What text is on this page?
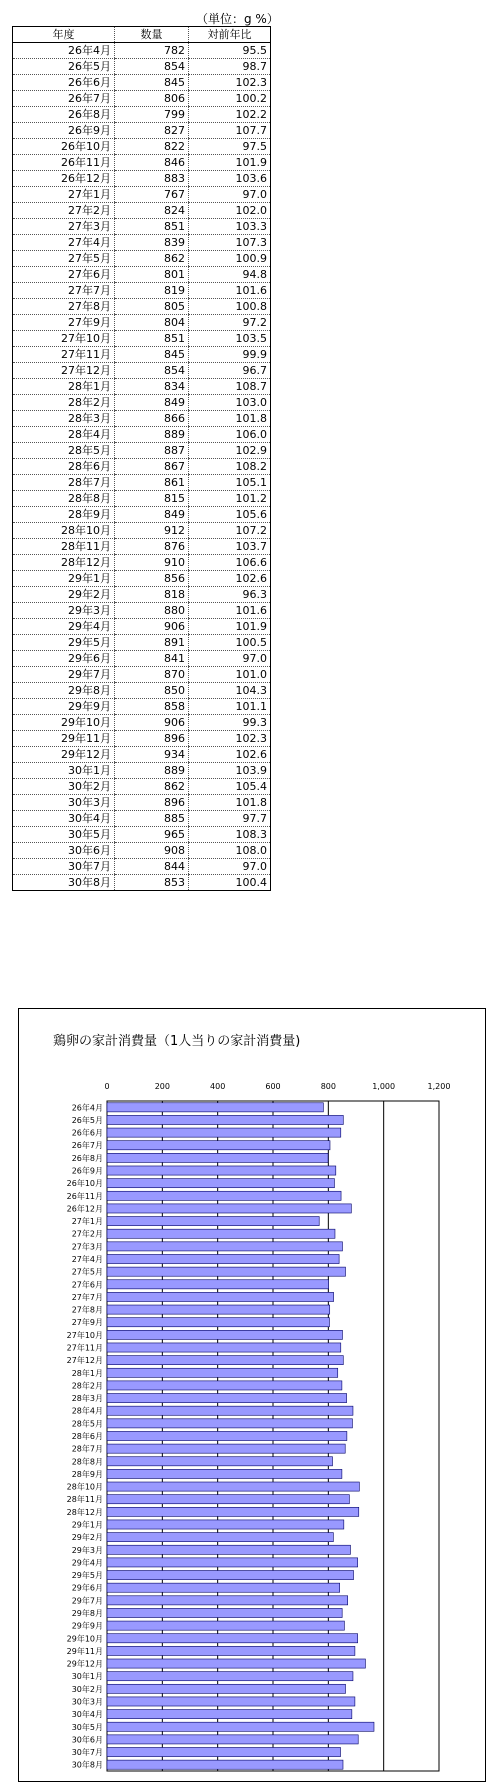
（単位：g %）
年度	数量	対前年比
26年4月	782	95.5
26年5月	854	98.7
26年6月	845	102.3
26年7月	806	100.2
26年8月	799	102.2
26年9月	827	107.7
26年10月	822	97.5
26年11月	846	101.9
26年12月	883	103.6
27年1月	767	97.0
27年2月	824	102.0
27年3月	851	103.3
27年4月	839	107.3
27年5月	862	100.9
27年6月	801	94.8
27年7月	819	101.6
27年8月	805	100.8
27年9月	804	97.2
27年10月	851	103.5
27年11月	845	99.9
27年12月	854	96.7
28年1月	834	108.7
28年2月	849	103.0
28年3月	866	101.8
28年4月	889	106.0
28年5月	887	102.9
28年6月	867	108.2
28年7月	861	105.1
28年8月	815	101.2
28年9月	849	105.6
28年10月	912	107.2
28年11月	876	103.7
28年12月	910	106.6
29年1月	856	102.6
29年2月	818	96.3
29年3月	880	101.6
29年4月	906	101.9
29年5月	891	100.5
29年6月	841	97.0
29年7月	870	101.0
29年8月	850	104.3
29年9月	858	101.1
29年10月	906	99.3
29年11月	896	102.3
29年12月	934	102.6
30年1月	889	103.9
30年2月	862	105.4
30年3月	896	101.8
30年4月	885	97.7
30年5月	965	108.3
30年6月	908	108.0
30年7月	844	97.0
30年8月	853	100.4
鶏卵の家計消費量（1人当りの家計消費量)
0	200	400	600	800	1,000	1,200
26年4月
26年5月
26年6月
26年7月
26年8月
26年9月
26年10月
26年11月
26年12月
27年1月
27年2月
27年3月
27年4月
27年5月
27年6月
27年7月
27年8月
27年9月
27年10月
27年11月
27年12月
28年1月
28年2月
28年3月
28年4月
28年5月
28年6月
28年7月
28年8月
28年9月
28年10月
28年11月
28年12月
29年1月
29年2月
29年3月
29年4月
29年5月
29年6月
29年7月
29年8月
29年9月
29年10月
29年11月
29年12月
30年1月
30年2月
30年3月
30年4月
30年5月
30年6月
30年7月
30年8月
